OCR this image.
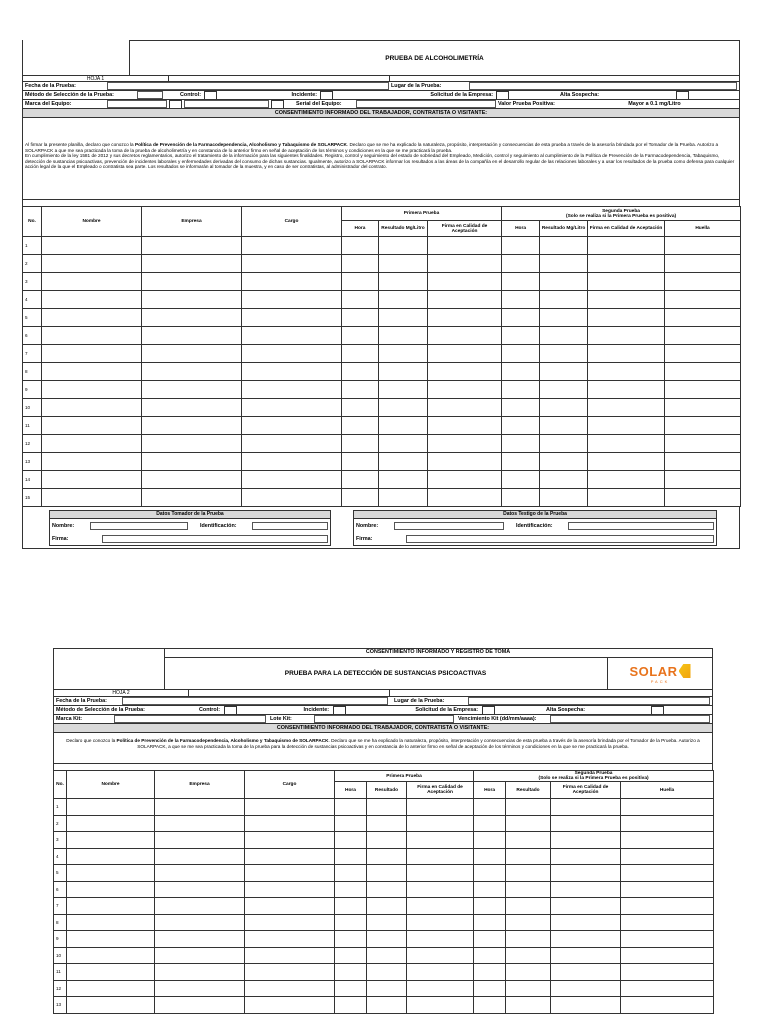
PRUEBA DE ALCOHOLIMETRÍA
HOJA 1
Fecha de la Prueba:	Lugar de la Prueba:
Método de Selección de la Prueba:	Control:	Incidente:	Solicitud de la Empresa:	Alta Sospecha:
Marca del Equipo:	Serial del Equipo:	Valor Prueba Positiva:	Mayor a 0.1 mg/Litro
CONSENTIMIENTO INFORMADO DEL TRABAJADOR, CONTRATISTA O VISITANTE:
Al firmar la presente planilla, declaro que conozco la Política de Prevención de la Farmacodependencia, Alcoholismo y Tabaquismo de SOLARPACK. Declaro que se me ha explicado la naturaleza, propósito, interpretación y consecuencias de esta prueba a través de la asesoría brindada por el Tomador de la Prueba. Autorizo a SOLARPACK a que me sea practicada la toma de la prueba de alcoholimetría y en constancia de lo anterior firmo en señal de aceptación de los términos y condiciones en la que se me practicará la prueba.
En cumplimiento de la ley 1581 de 2012 y sus decretos reglamentarios, autorizo el tratamiento de la información para las siguientes finalidades. Registro, control y seguimiento del estado de sobriedad del Empleado, Medición, control y seguimiento al cumplimiento de la Política de Prevención de la Farmacodependencia, Tabaquismo, detección de sustancias psicoactivas, prevención de incidentes laborales y enfermedades derivadas del consumo de dichas sustancias. Igualmente, autorizo a SOLARPACK informar los resultados a las áreas de la compañía en el desarrollo regular de las relaciones laborales y a usar los resultados de la prueba como defensa para cualquier acción legal de la que el Empleado o contratista sea parte. Los resultados se informarán al tomador de la muestra, y en caso de ser contratistas, al administrador del contrato.
No.	Nombre	Empresa	Cargo	Primera Prueba			Segunda Prueba
(Solo se realiza si la Primera Prueba es positiva)			
				Hora	Resultado Mg/Litro	Firma en Calidad de Aceptación	Hora	Resultado Mg/Litro	Firma en Calidad de Aceptación	Huella
1										
2										
3										
4										
5										
6										
7										
8										
9										
10										
11										
12										
13										
14										
15										
Datos Tomador de la Prueba
Nombre:	Identificación:
Firma:
Datos Testigo de la Prueba
Nombre:	Identificación:
Firma:
CONSENTIMIENTO INFORMADO Y REGISTRO DE TOMA
PRUEBA PARA LA DETECCIÓN DE SUSTANCIAS PSICOACTIVAS	SOLAR
PACK
HOJA 2
Fecha de la Prueba:	Lugar de la Prueba:
Método de Selección de la Prueba:	Control:	Incidente:	Solicitud de la Empresa:	Alta Sospecha:
Marca Kit:	Lote Kit:	Vencimiento Kit (dd/mm/aaaa):
CONSENTIMIENTO INFORMADO DEL TRABAJADOR, CONTRATISTA O VISITANTE:
Declaro que conozco la Política de Prevención de la Farmacodependencia, Alcoholismo y Tabaquismo de SOLARPACK. Declaro que se me ha explicado la naturaleza, propósito, interpretación y consecuencias de esta prueba a través de la asesoría brindada por el Tomador de la Prueba. Autorizo a SOLARPACK, a que se me sea practicada la toma de la prueba para la detección de sustancias psicoactivas y en constancia de lo anterior firmo en señal de aceptación de los términos y condiciones en la que se me practicará la prueba.
No.	Nombre	Empresa	Cargo	Primera Prueba			Segunda Prueba
(Solo se realiza si la Primera Prueba es positiva)			
				Hora	Resultado	Firma en Calidad de Aceptación	Hora	Resultado	Firma en Calidad de Aceptación	Huella
1										
2										
3										
4										
5										
6										
7										
8										
9										
10										
11										
12										
13										
